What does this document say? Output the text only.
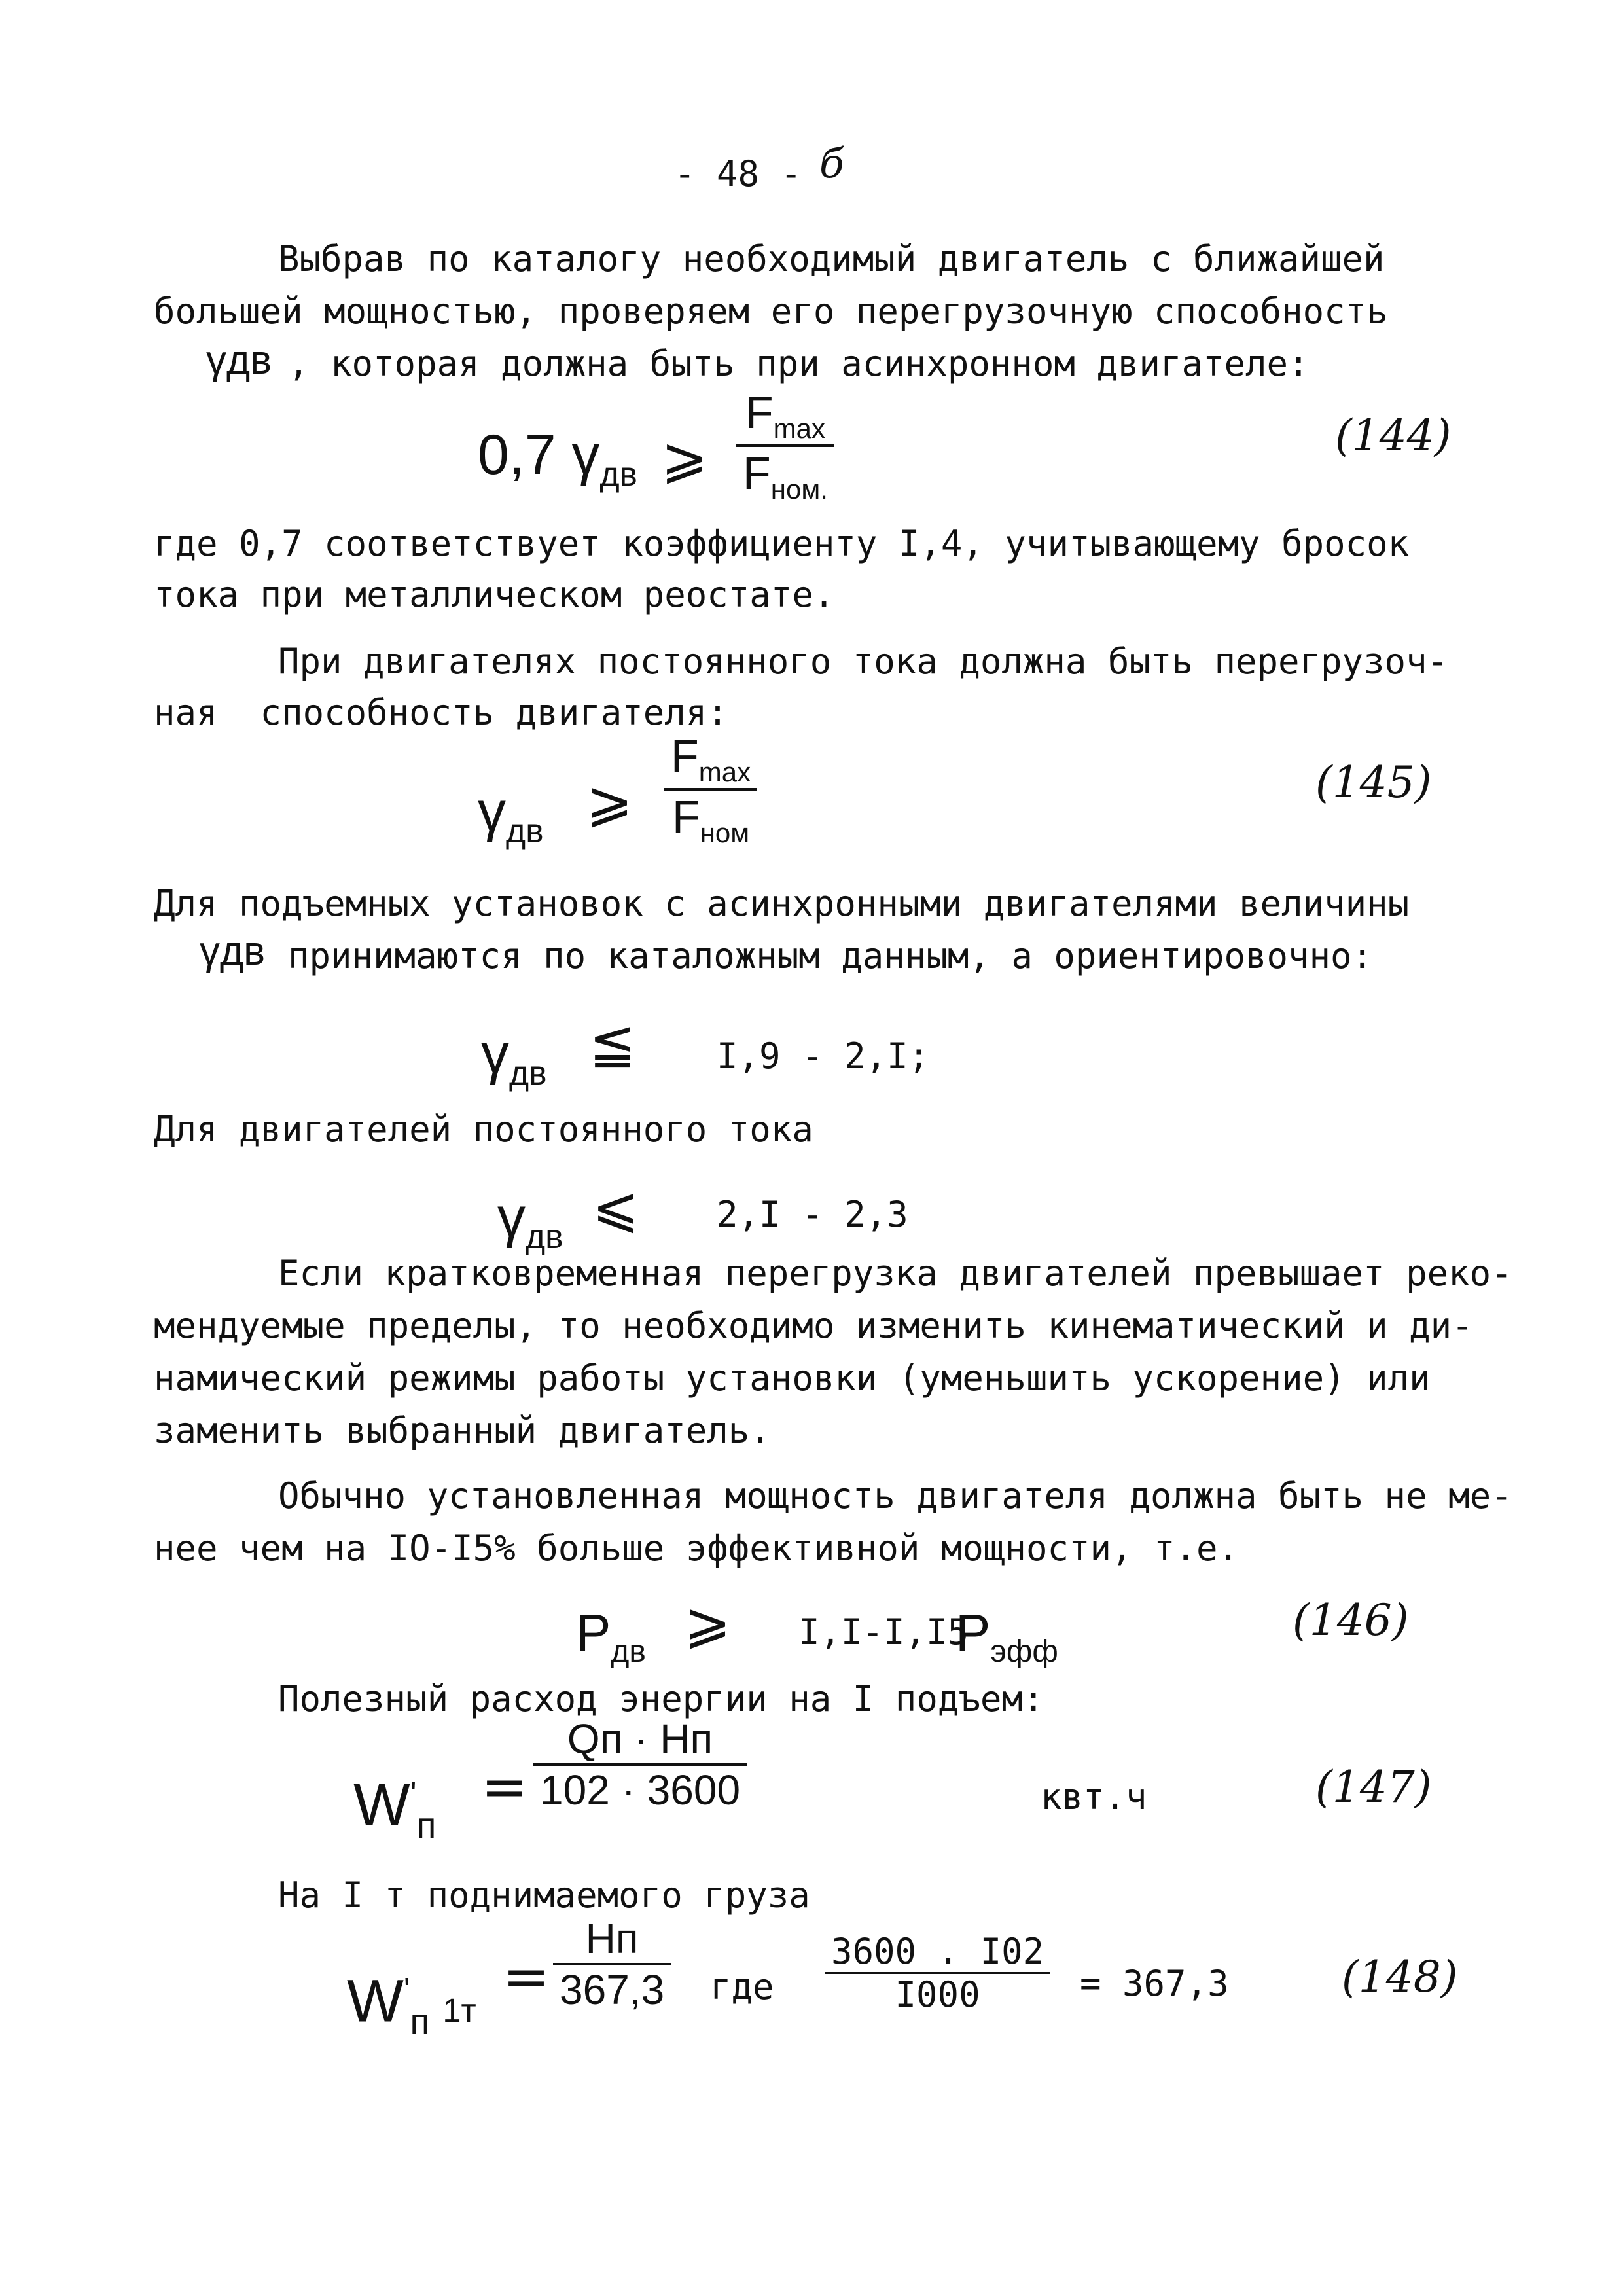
- 48 - б
Выбрав по каталогу необходимый двигатель с ближайшей
большей мощностью, проверяем его перегрузочную способность
γдв , которая должна быть при асинхронном двигателе:
0,7 $\gamma_{дв}$ ⩾ $\frac{F_{max}}{F_{ном.}}$	(144)
где 0,7 соответствует коэффициенту I,4, учитывающему бросок
тока при металлическом реостате.
При двигателях постоянного тока должна быть перегрузоч-
ная  способность двигателя:
$\gamma_{дв}$ ⩾ $\frac{F_{max}}{F_{ном}}$	(145)
Для подъемных установок с асинхронными двигателями величины
γдв принимаются по каталожным данным, а ориентировочно:
$\gamma_{дв}$ ≦ I,9 - 2,I;
Для двигателей постоянного тока
$\gamma_{дв}$ ⩽ 2,I - 2,3
Если кратковременная перегрузка двигателей превышает реко-
мендуемые пределы, то необходимо изменить кинематический и ди-
намический режимы работы установки (уменьшить ускорение) или
заменить выбранный двигатель.
Обычно установленная мощность двигателя должна быть не ме-
нее чем на IO-I5% больше эффективной мощности, т.е.
$P_{дв}$ ⩾ I,I-I,I5
$P_{эфф}$
(146)
Полезный расход энергии на I подъем:
$W'_п$
= $\frac{Qп \cdot Hп}{102 \cdot 3600}$	квт.ч	(147)
На I т поднимаемого груза
$W'_п$ 1т
= $\frac{Hп}{367,3}$ где $\frac{3600 . I02}{I000} = 367,3$	(148)
